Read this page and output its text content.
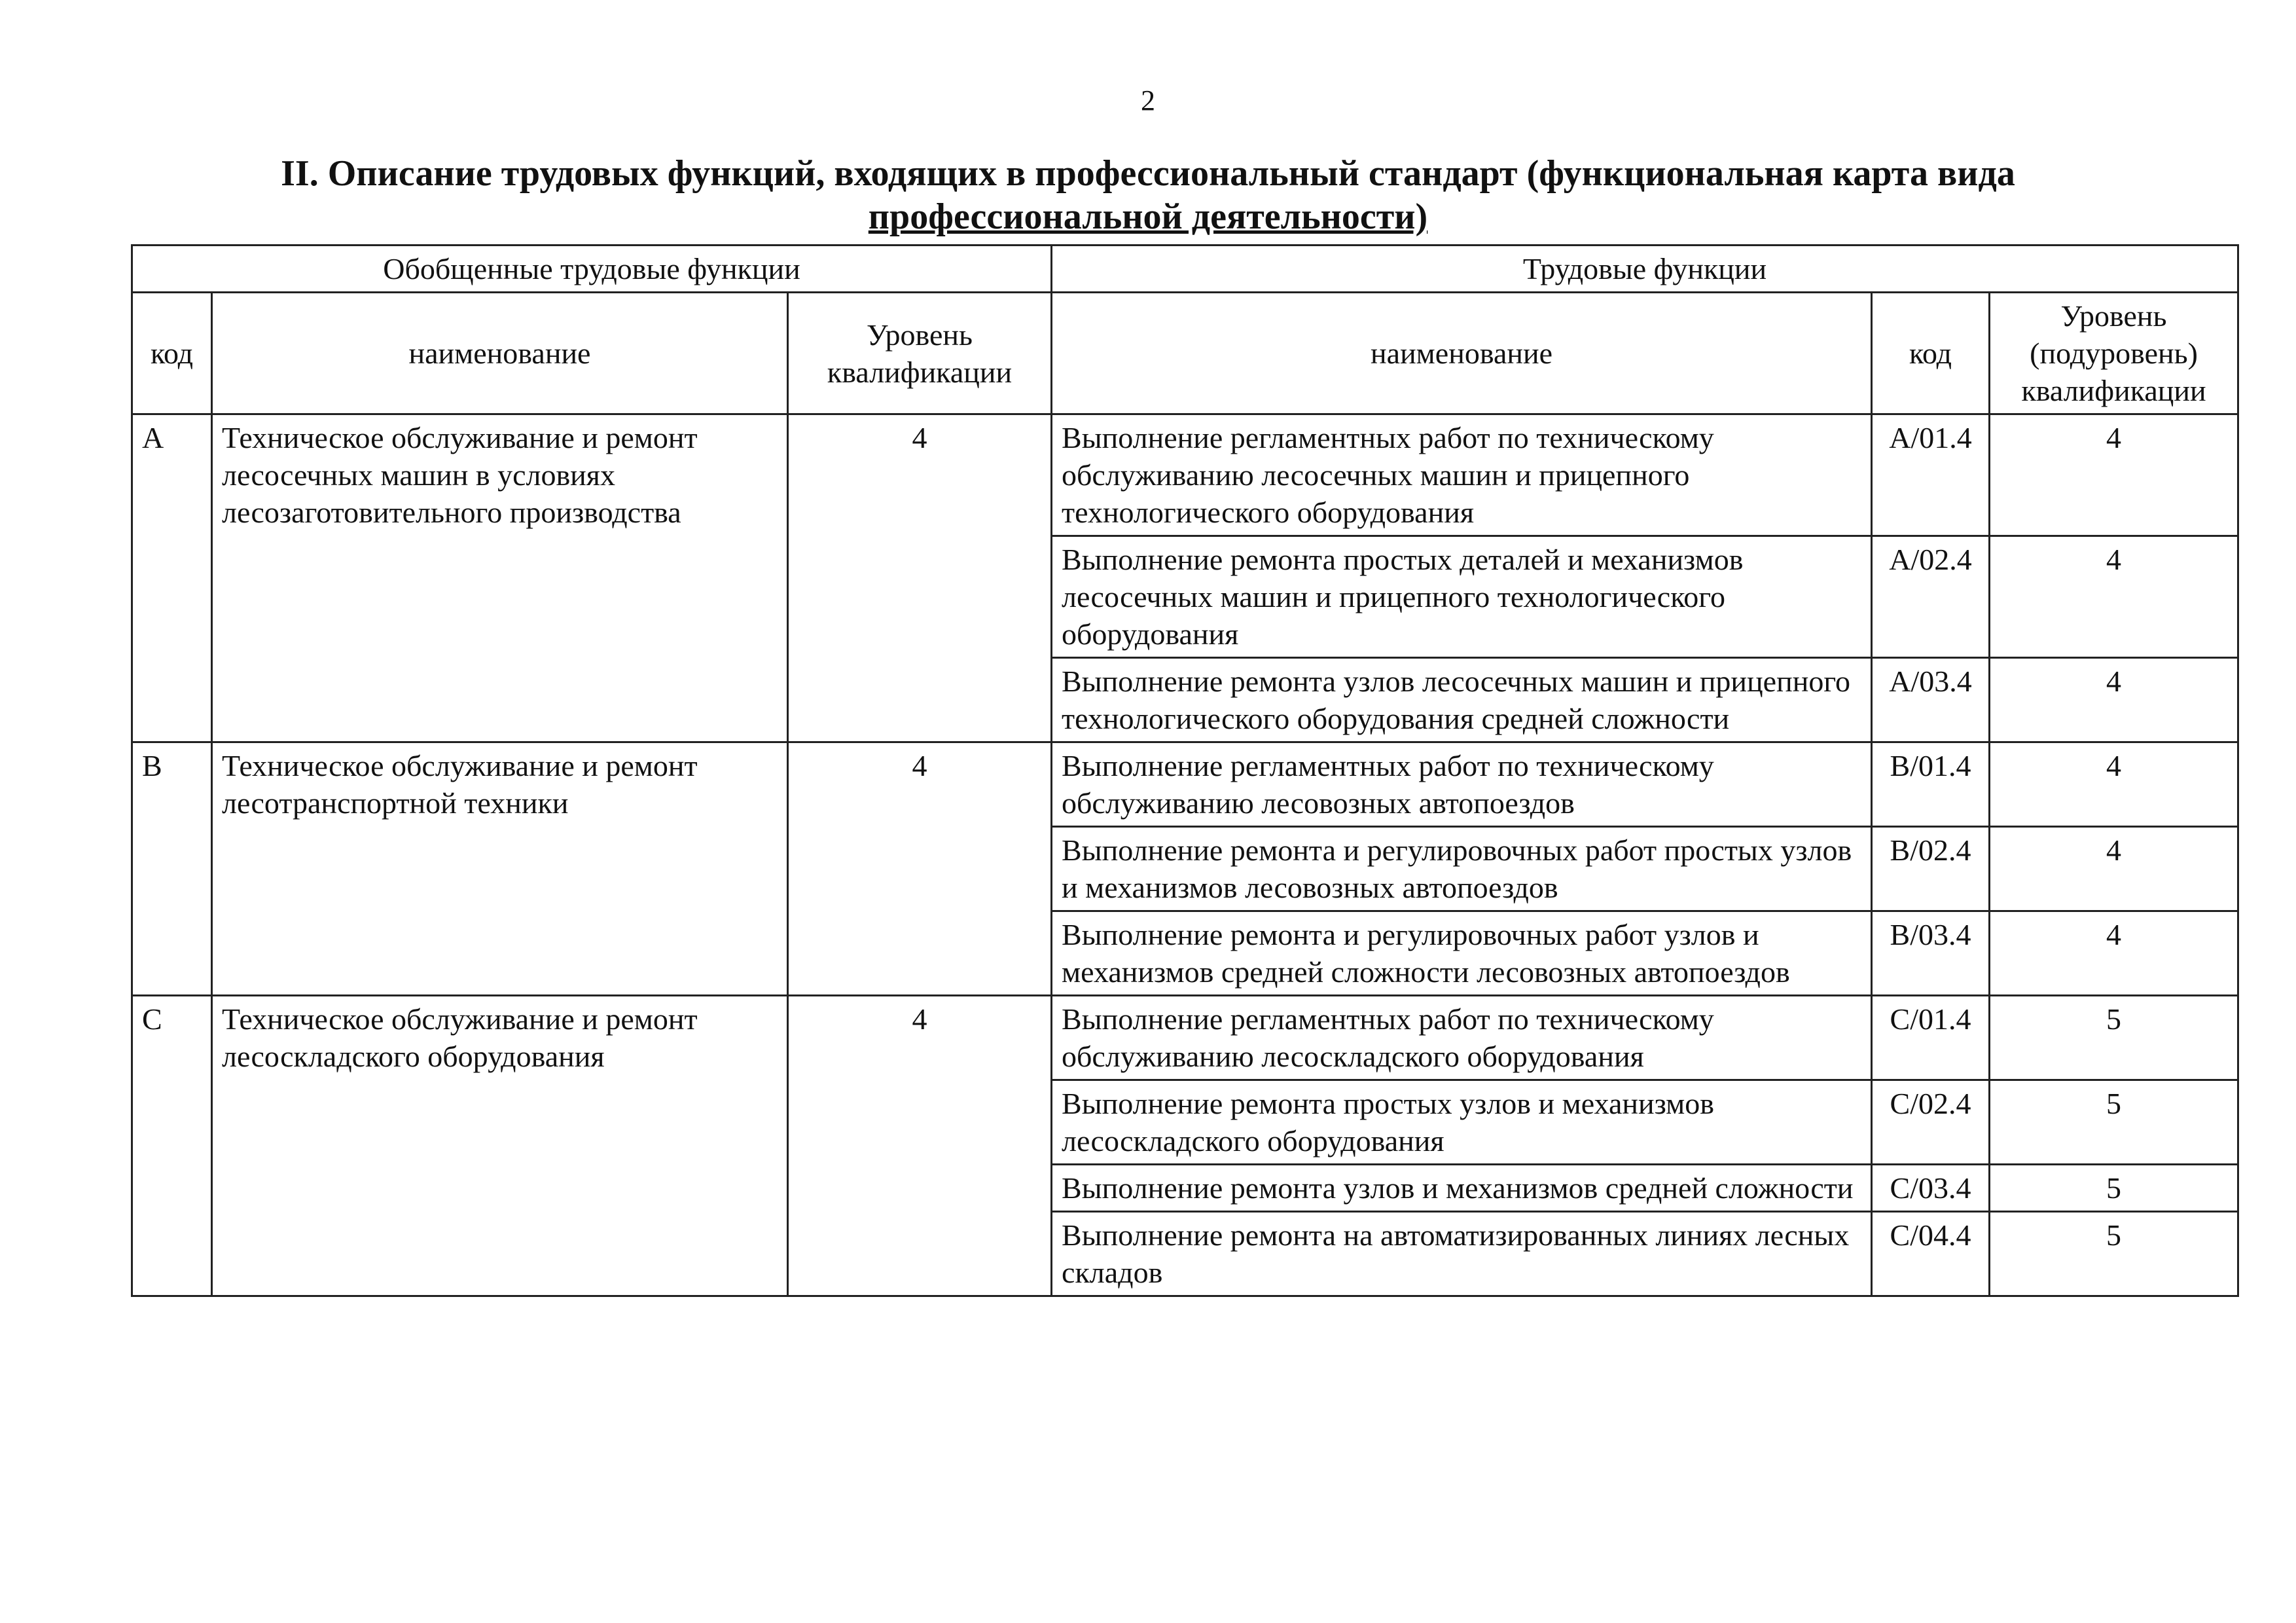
2
II. Описание трудовых функций, входящих в профессиональный стандарт (функциональная карта вида
профессиональной деятельности)
Обобщенные трудовые функции			Трудовые функции		
код	наименование	Уровень квалификации	наименование	код	Уровень (подуровень) квалификации
A	Техническое обслуживание и ремонт лесосечных машин в условиях лесозаготовительного производства	4	Выполнение регламентных работ по техническому обслуживанию лесосечных машин и прицепного технологического оборудования	A/01.4	4
			Выполнение ремонта простых деталей и механизмов лесосечных машин и прицепного технологического оборудования	A/02.4	4
			Выполнение ремонта узлов лесосечных машин и прицепного технологического оборудования средней сложности	A/03.4	4
B	Техническое обслуживание и ремонт лесотранспортной техники	4	Выполнение регламентных работ по техническому обслуживанию лесовозных автопоездов	B/01.4	4
			Выполнение ремонта и регулировочных работ простых узлов и механизмов лесовозных автопоездов	B/02.4	4
			Выполнение ремонта и регулировочных работ узлов и механизмов средней сложности лесовозных автопоездов	B/03.4	4
C	Техническое обслуживание и ремонт лесоскладского оборудования	4	Выполнение регламентных работ по техническому обслуживанию лесоскладского оборудования	C/01.4	5
			Выполнение ремонта простых узлов и механизмов лесоскладского оборудования	C/02.4	5
			Выполнение ремонта узлов и механизмов средней сложности	C/03.4	5
			Выполнение ремонта на автоматизированных линиях лесных складов	C/04.4	5
